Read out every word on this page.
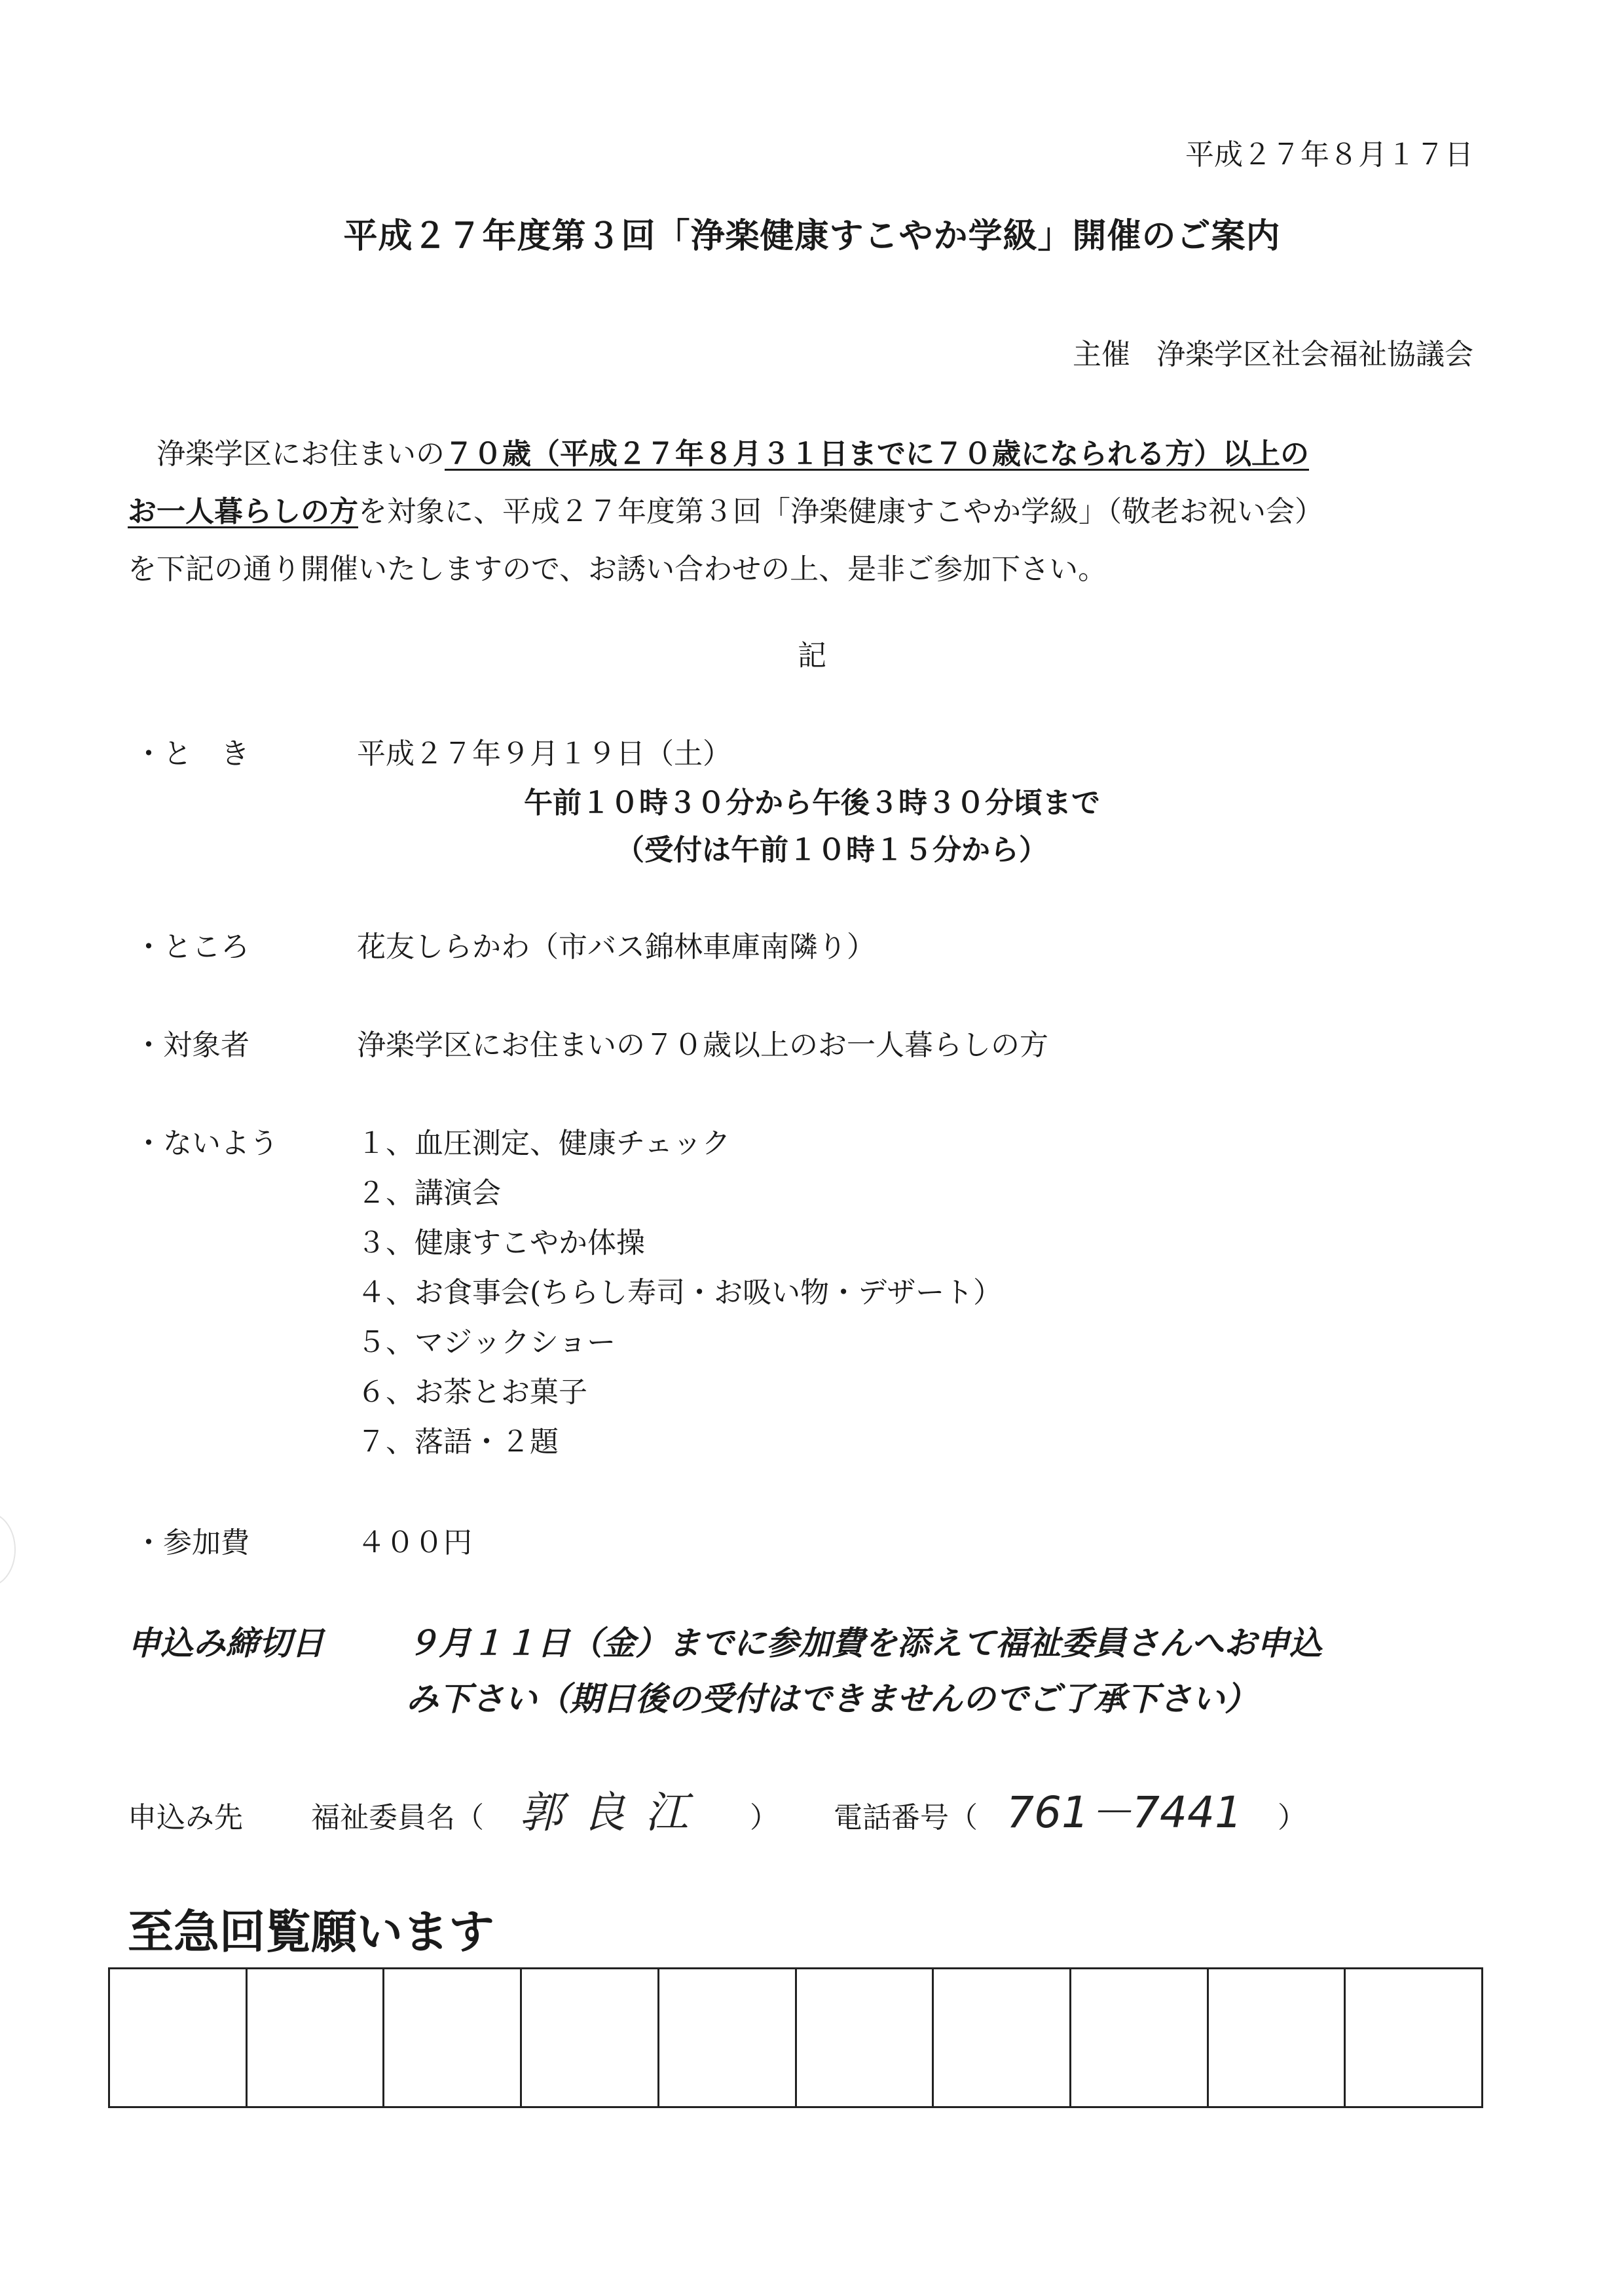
平成２７年８月１７日
平成２７年度第３回「浄楽健康すこやか学級」開催のご案内
主催 浄楽学区社会福祉協議会
浄楽学区にお住まいの７０歳（平成２７年８月３１日までに７０歳になられる方）以上の
お一人暮らしの方を対象に、平成２７年度第３回「浄楽健康すこやか学級」（敬老お祝い会）
を下記の通り開催いたしますので、お誘い合わせの上、是非ご参加下さい。
記
・と　き	平成２７年９月１９日（土）
午前１０時３０分から午後３時３０分頃まで
（受付は午前１０時１５分から）
・ところ	花友しらかわ（市バス錦林車庫南隣り）
・対象者	浄楽学区にお住まいの７０歳以上のお一人暮らしの方
・ないよう	１、血圧測定、健康チェック
２、講演会
３、健康すこやか体操
４、お食事会(ちらし寿司・お吸い物・デザート）
５、マジックショー
６、お茶とお菓子
７、落語・２題
・参加費	４００円
申込み締切日	９月１１日（金）までに参加費を添えて福祉委員さんへお申込
み下さい（期日後の受付はできませんのでご了承下さい）
申込み先 福祉委員名（ 郭良江 ） 電話番号（ 761－7441 ）
至急回覧願います
